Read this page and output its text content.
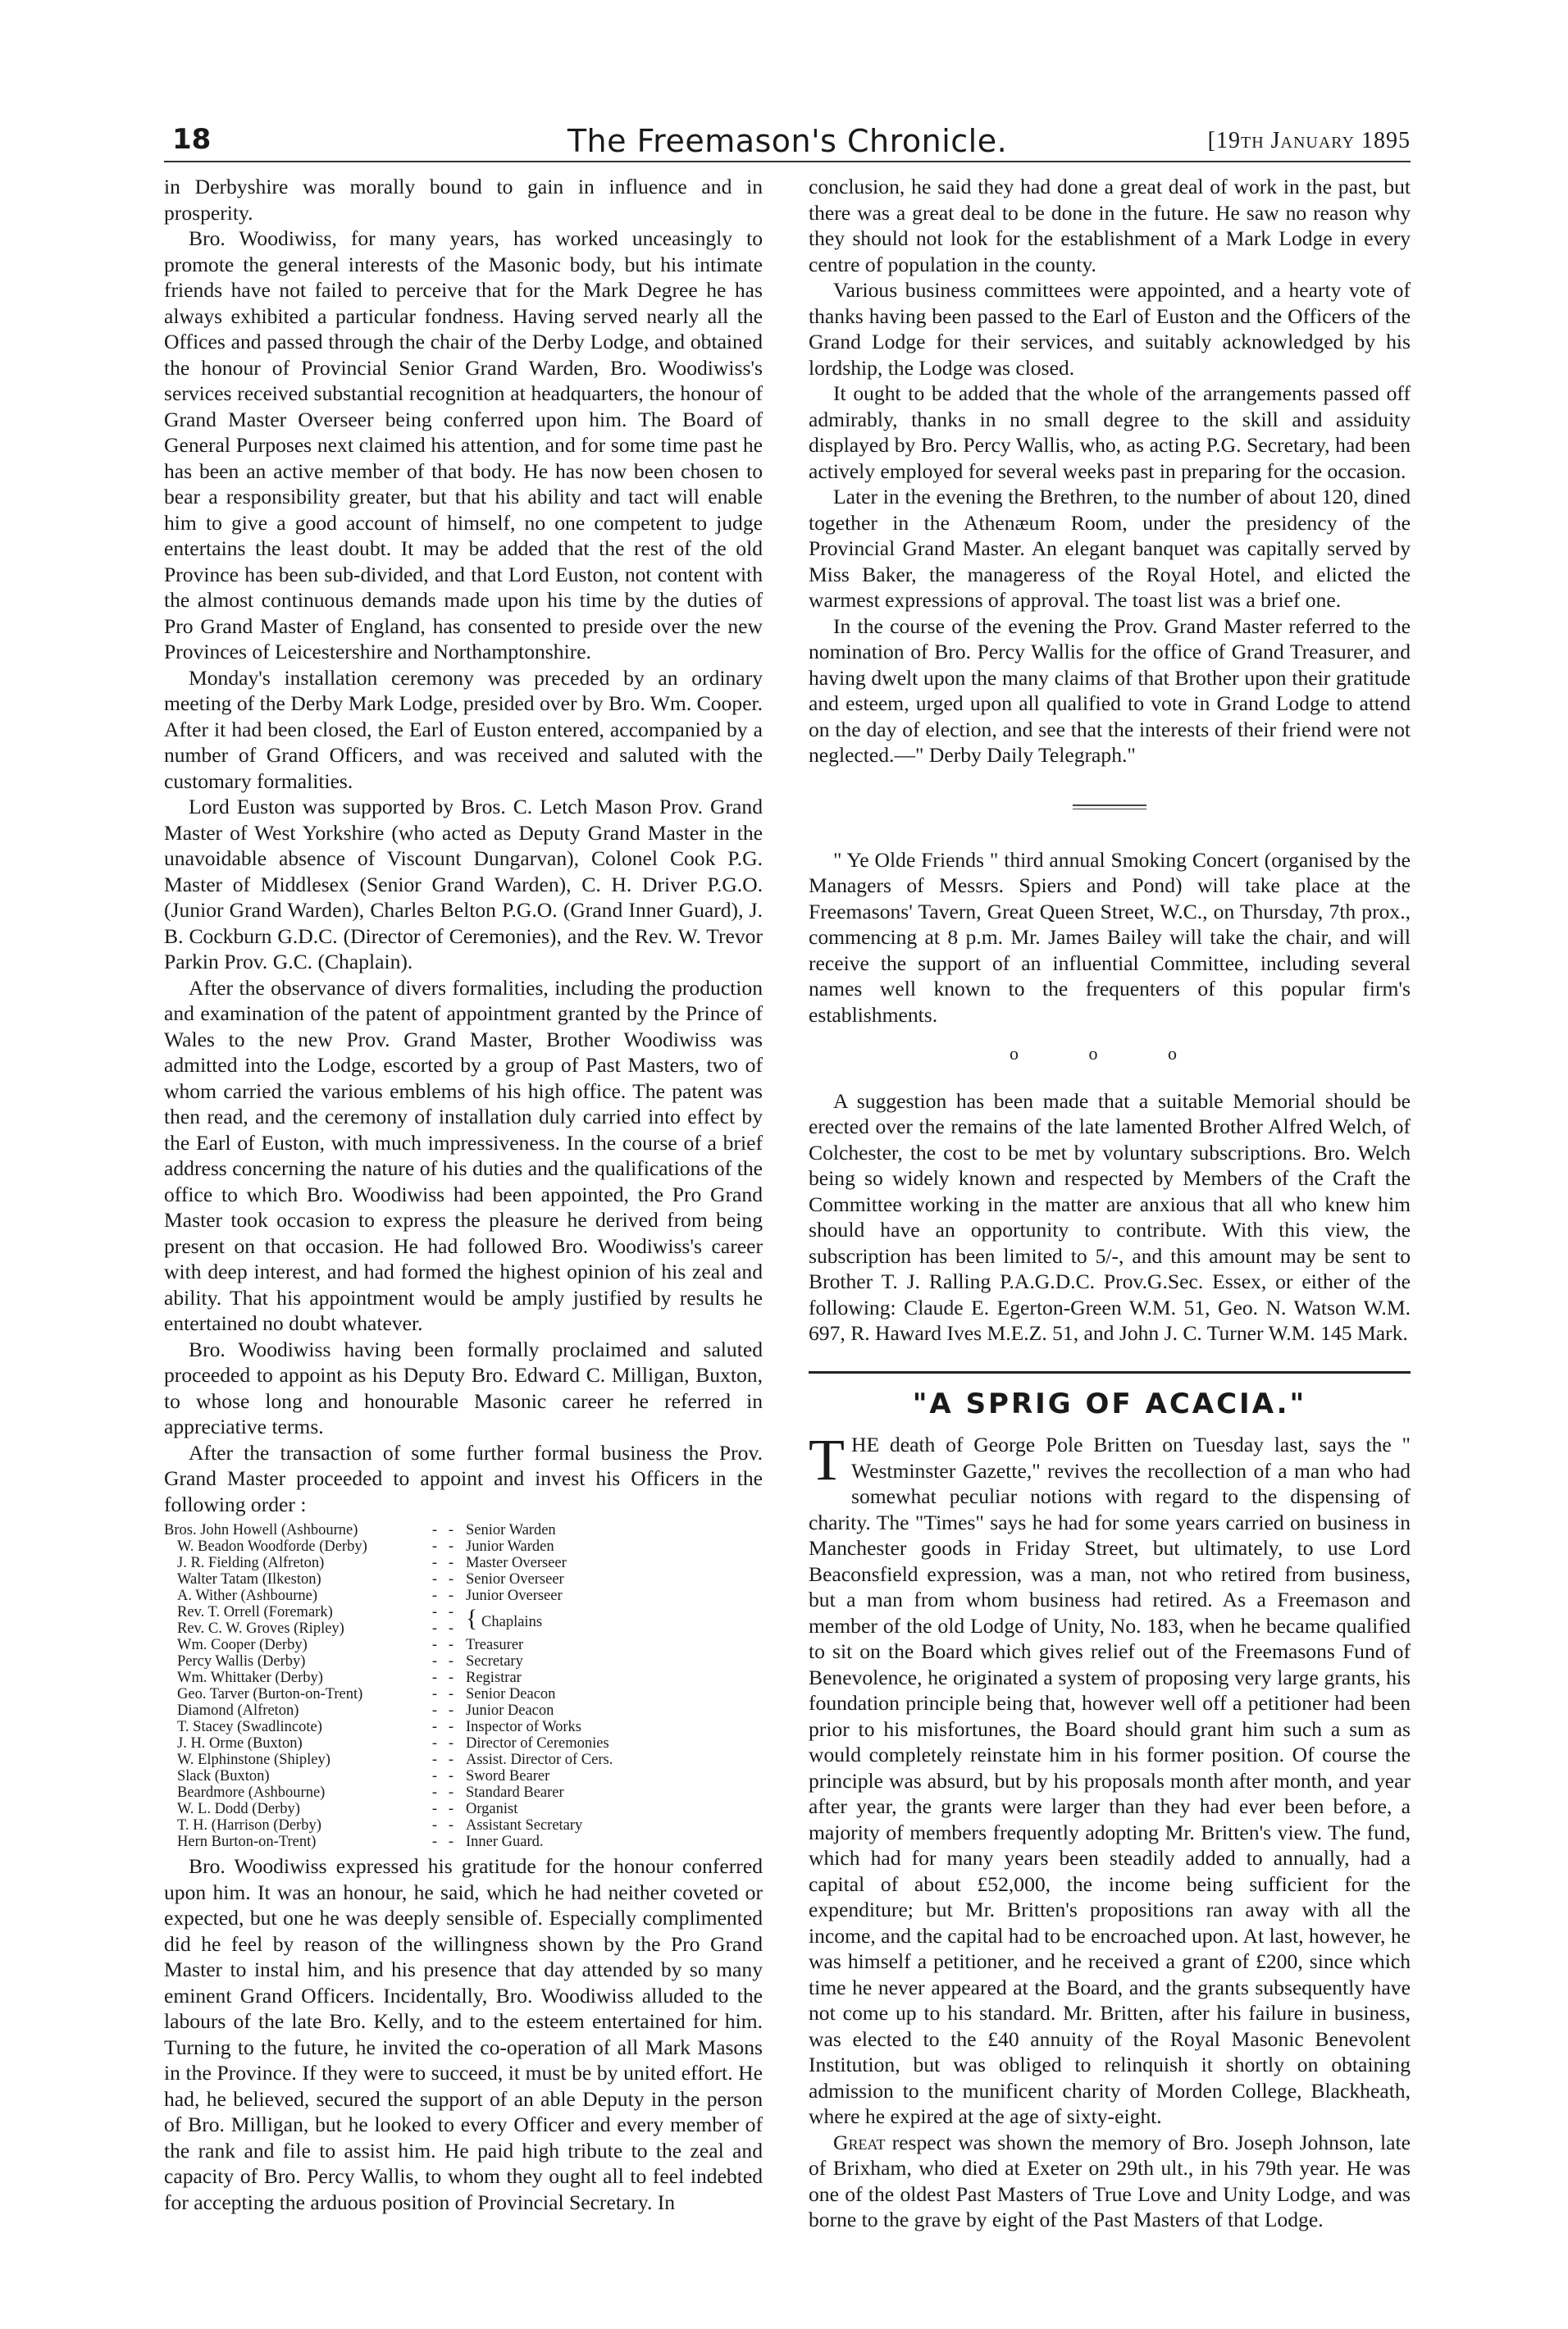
18	The Freemason's Chronicle.	[19th January 1895

in Derbyshire was morally bound to gain in influence and in prosperity.

Bro. Woodiwiss, for many years, has worked unceasingly to promote the general interests of the Masonic body, but his intimate friends have not failed to perceive that for the Mark Degree he has always exhibited a particular fondness. Having served nearly all the Offices and passed through the chair of the Derby Lodge, and obtained the honour of Provincial Senior Grand Warden, Bro. Woodiwiss's services received substantial recognition at headquarters, the honour of Grand Master Overseer being conferred upon him. The Board of General Purposes next claimed his attention, and for some time past he has been an active member of that body. He has now been chosen to bear a responsibility greater, but that his ability and tact will enable him to give a good account of himself, no one competent to judge entertains the least doubt. It may be added that the rest of the old Province has been sub-divided, and that Lord Euston, not content with the almost continuous demands made upon his time by the duties of Pro Grand Master of England, has consented to preside over the new Provinces of Leicestershire and Northamptonshire.

Monday's installation ceremony was preceded by an ordinary meeting of the Derby Mark Lodge, presided over by Bro. Wm. Cooper. After it had been closed, the Earl of Euston entered, accompanied by a number of Grand Officers, and was received and saluted with the customary formalities.

Lord Euston was supported by Bros. C. Letch Mason Prov. Grand Master of West Yorkshire (who acted as Deputy Grand Master in the unavoidable absence of Viscount Dungarvan), Colonel Cook P.G. Master of Middlesex (Senior Grand Warden), C. H. Driver P.G.O. (Junior Grand Warden), Charles Belton P.G.O. (Grand Inner Guard), J. B. Cockburn G.D.C. (Director of Ceremonies), and the Rev. W. Trevor Parkin Prov. G.C. (Chaplain).

After the observance of divers formalities, including the production and examination of the patent of appointment granted by the Prince of Wales to the new Prov. Grand Master, Brother Woodiwiss was admitted into the Lodge, escorted by a group of Past Masters, two of whom carried the various emblems of his high office. The patent was then read, and the ceremony of installation duly carried into effect by the Earl of Euston, with much impressiveness. In the course of a brief address concerning the nature of his duties and the qualifications of the office to which Bro. Woodiwiss had been appointed, the Pro Grand Master took occasion to express the pleasure he derived from being present on that occasion. He had followed Bro. Woodiwiss's career with deep interest, and had formed the highest opinion of his zeal and ability. That his appointment would be amply justified by results he entertained no doubt whatever.

Bro. Woodiwiss having been formally proclaimed and saluted proceeded to appoint as his Deputy Bro. Edward C. Milligan, Buxton, to whose long and honourable Masonic career he referred in appreciative terms.

After the transaction of some further formal business the Prov. Grand Master proceeded to appoint and invest his Officers in the following order :

Bros. John Howell (Ashbourne)	-   -	Senior Warden
W. Beadon Woodforde (Derby)	-   -	Junior Warden
J. R. Fielding (Alfreton)	-   -	Master Overseer
Walter Tatam (Ilkeston)	-   -	Senior Overseer
A. Wither (Ashbourne)	-   -	Junior Overseer
Rev. T. Orrell (Foremark)	-   -	{ Chaplains
Rev. C. W. Groves (Ripley)	-   -	
Wm. Cooper (Derby)	-   -	Treasurer
Percy Wallis (Derby)	-   -	Secretary
Wm. Whittaker (Derby)	-   -	Registrar
Geo. Tarver (Burton-on-Trent)	-   -	Senior Deacon
Diamond (Alfreton)	-   -	Junior Deacon
T. Stacey (Swadlincote)	-   -	Inspector of Works
J. H. Orme (Buxton)	-   -	Director of Ceremonies
W. Elphinstone (Shipley)	-   -	Assist. Director of Cers.
Slack (Buxton)	-   -	Sword Bearer
Beardmore (Ashbourne)	-   -	Standard Bearer
W. L. Dodd (Derby)	-   -	Organist
T. H. (Harrison (Derby)	-   -	Assistant Secretary
Hern Burton-on-Trent)	-   -	Inner Guard.

Bro. Woodiwiss expressed his gratitude for the honour conferred upon him. It was an honour, he said, which he had neither coveted or expected, but one he was deeply sensible of. Especially complimented did he feel by reason of the willingness shown by the Pro Grand Master to instal him, and his presence that day attended by so many eminent Grand Officers. Incidentally, Bro. Woodiwiss alluded to the labours of the late Bro. Kelly, and to the esteem entertained for him. Turning to the future, he invited the co-operation of all Mark Masons in the Province. If they were to succeed, it must be by united effort. He had, he believed, secured the support of an able Deputy in the person of Bro. Milligan, but he looked to every Officer and every member of the rank and file to assist him. He paid high tribute to the zeal and capacity of Bro. Percy Wallis, to whom they ought all to feel indebted for accepting the arduous position of Provincial Secretary. In

conclusion, he said they had done a great deal of work in the past, but there was a great deal to be done in the future. He saw no reason why they should not look for the establishment of a Mark Lodge in every centre of population in the county.

Various business committees were appointed, and a hearty vote of thanks having been passed to the Earl of Euston and the Officers of the Grand Lodge for their services, and suitably acknowledged by his lordship, the Lodge was closed.

It ought to be added that the whole of the arrangements passed off admirably, thanks in no small degree to the skill and assiduity displayed by Bro. Percy Wallis, who, as acting P.G. Secretary, had been actively employed for several weeks past in preparing for the occasion.

Later in the evening the Brethren, to the number of about 120, dined together in the Athenæum Room, under the presidency of the Provincial Grand Master. An elegant banquet was capitally served by Miss Baker, the manageress of the Royal Hotel, and elicted the warmest expressions of approval. The toast list was a brief one.

In the course of the evening the Prov. Grand Master referred to the nomination of Bro. Percy Wallis for the office of Grand Treasurer, and having dwelt upon the many claims of that Brother upon their gratitude and esteem, urged upon all qualified to vote in Grand Lodge to attend on the day of election, and see that the interests of their friend were not neglected.—" Derby Daily Telegraph."

" Ye Olde Friends " third annual Smoking Concert (organised by the Managers of Messrs. Spiers and Pond) will take place at the Freemasons' Tavern, Great Queen Street, W.C., on Thursday, 7th prox., commencing at 8 p.m. Mr. James Bailey will take the chair, and will receive the support of an influential Committee, including several names well known to the frequenters of this popular firm's establishments.

o o o

A suggestion has been made that a suitable Memorial should be erected over the remains of the late lamented Brother Alfred Welch, of Colchester, the cost to be met by voluntary subscriptions. Bro. Welch being so widely known and respected by Members of the Craft the Committee working in the matter are anxious that all who knew him should have an opportunity to contribute. With this view, the subscription has been limited to 5/-, and this amount may be sent to Brother T. J. Ralling P.A.G.D.C. Prov.G.Sec. Essex, or either of the following: Claude E. Egerton-Green W.M. 51, Geo. N. Watson W.M. 697, R. Haward Ives M.E.Z. 51, and John J. C. Turner W.M. 145 Mark.

"A SPRIG OF ACACIA."

THE death of George Pole Britten on Tuesday last, says the " Westminster Gazette," revives the recollection of a man who had somewhat peculiar notions with regard to the dispensing of charity. The "Times" says he had for some years carried on business in Manchester goods in Friday Street, but ultimately, to use Lord Beaconsfield expression, was a man, not who retired from business, but a man from whom business had retired. As a Freemason and member of the old Lodge of Unity, No. 183, when he became qualified to sit on the Board which gives relief out of the Freemasons Fund of Benevolence, he originated a system of proposing very large grants, his foundation principle being that, however well off a petitioner had been prior to his misfortunes, the Board should grant him such a sum as would completely reinstate him in his former position. Of course the principle was absurd, but by his proposals month after month, and year after year, the grants were larger than they had ever been before, a majority of members frequently adopting Mr. Britten's view. The fund, which had for many years been steadily added to annually, had a capital of about £52,000, the income being sufficient for the expenditure; but Mr. Britten's propositions ran away with all the income, and the capital had to be encroached upon. At last, however, he was himself a petitioner, and he received a grant of £200, since which time he never appeared at the Board, and the grants subsequently have not come up to his standard. Mr. Britten, after his failure in business, was elected to the £40 annuity of the Royal Masonic Benevolent Institution, but was obliged to relinquish it shortly on obtaining admission to the munificent charity of Morden College, Blackheath, where he expired at the age of sixty-eight.

Great respect was shown the memory of Bro. Joseph Johnson, late of Brixham, who died at Exeter on 29th ult., in his 79th year. He was one of the oldest Past Masters of True Love and Unity Lodge, and was borne to the grave by eight of the Past Masters of that Lodge.
